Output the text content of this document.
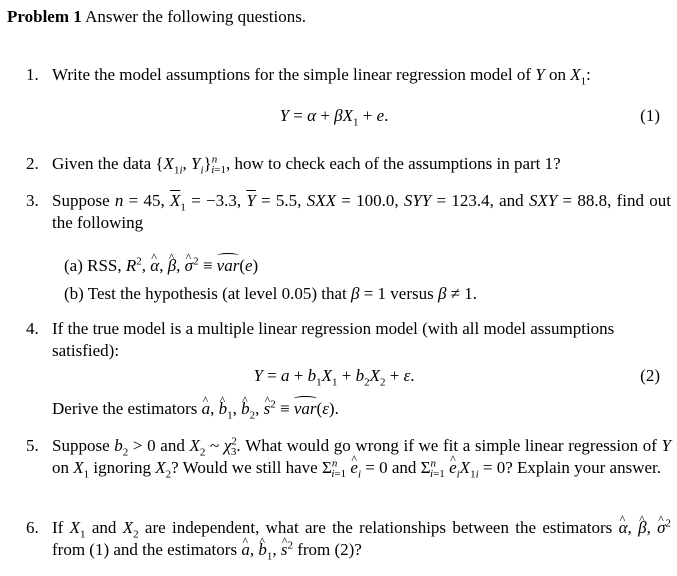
Problem 1 Answer the following questions.
1. Write the model assumptions for the simple linear regression model of Y on $X_1$:
$Y = \alpha + \beta X_1 + e$.	(1)
2. Given the data {$X_{1i}$, $Y_i\}^n_{i=1}$, how to check each of the assumptions in part 1?
3. Suppose n = 45, $\overline{X}_1 = -3.3$, $\overline{Y} = 5.5$, SXX = 100.0, SYY = 123.4, and SXY = 88.8, find out the following
(a) RSS, $R^2$, ^ α, ^ β, ^ $\sigma^2 \equiv var(e)$
(b) Test the hypothesis (at level 0.05) that β = 1 versus β ≠ 1.
4. If the true model is a multiple linear regression model (with all model assumptions satisfied):
$Y = a + b_1X_1 + b_2X_2 + \varepsilon$.	(2)
Derive the estimators ^ a, ^ $b_1$, ^ $b_2$, ^ $s^2 \equiv var(\varepsilon)$.
5. Suppose $b_2 > 0$ and $X_2$ ~ $\chi^2_3$. What would go wrong if we fit a simple linear regression of Y on $X_1$ ignoring $X_2$? Would we still have $\Sigma^n_{i=1}$ ^ $e_i = 0$ and $\Sigma^n_{i=1}$ ^ $e_iX_{1i} = 0$? Explain your answer.
6. If $X_1$ and $X_2$ are independent, what are the relationships between the estimators ^ α, ^ β, ^ $\sigma^2$ from (1) and the estimators ^ a, ^ $b_1$, ^ $s^2$ from (2)?
